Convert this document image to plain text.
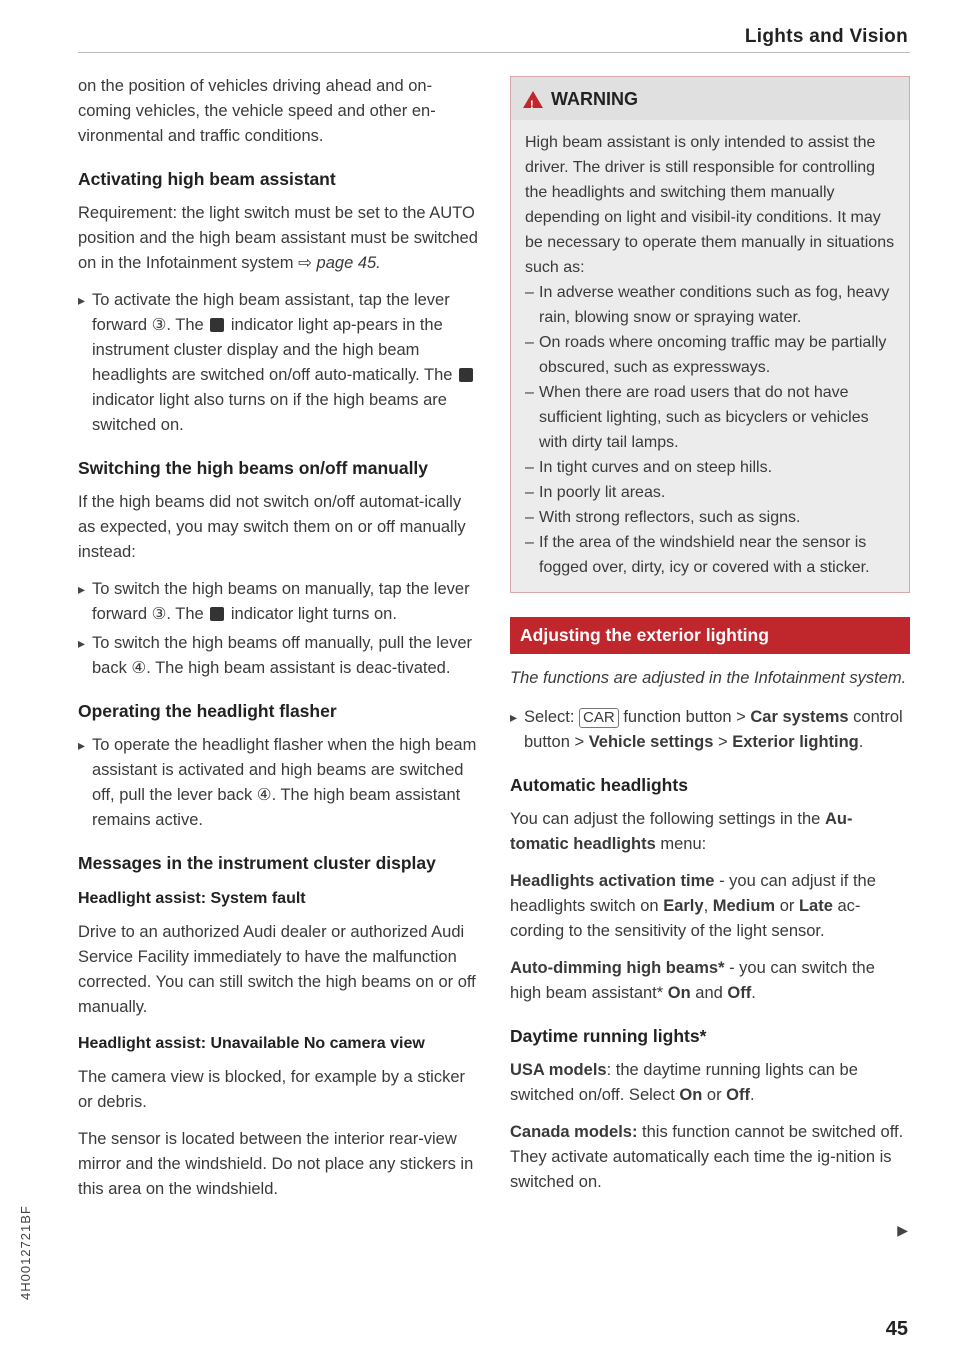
Lights and Vision

on the position of vehicles driving ahead and on-coming vehicles, the vehicle speed and other en-vironmental and traffic conditions.

Activating high beam assistant

Requirement: the light switch must be set to the AUTO position and the high beam assistant must be switched on in the Infotainment system ⇨ page 45.

▸ To activate the high beam assistant, tap the lever forward ③. The indicator light ap-pears in the instrument cluster display and the high beam headlights are switched on/off auto-matically. The  indicator light also turns on if the high beams are switched on.
Switching the high beams on/off manually

If the high beams did not switch on/off automat-ically as expected, you may switch them on or off manually instead:

▸ To switch the high beams on manually, tap the lever forward ③. The indicator light turns on.
▸ To switch the high beams off manually, pull the lever back ④. The high beam assistant is deac-tivated.
Operating the headlight flasher
▸ To operate the headlight flasher when the high beam assistant is activated and high beams are switched off, pull the lever back ④. The high beam assistant remains active.
Messages in the instrument cluster display
Headlight assist: System fault

Drive to an authorized Audi dealer or authorized Audi Service Facility immediately to have the malfunction corrected. You can still switch the high beams on or off manually.

Headlight assist: Unavailable No camera view

The camera view is blocked, for example by a sticker or debris.

The sensor is located between the interior rear-view mirror and the windshield. Do not place any stickers in this area on the windshield.

!
WARNING
High beam assistant is only intended to assist the driver. The driver is still responsible for controlling the headlights and switching them manually depending on light and visibil-ity conditions. It may be necessary to operate them manually in situations such as:
– In adverse weather conditions such as fog, heavy rain, blowing snow or spraying water.
– On roads where oncoming traffic may be partially obscured, such as expressways.
– When there are road users that do not have sufficient lighting, such as bicyclers or vehicles with dirty tail lamps.
– In tight curves and on steep hills.
– In poorly lit areas.
– With strong reflectors, such as signs.
– If the area of the windshield near the sensor is fogged over, dirty, icy or covered with a sticker.
Adjusting the exterior lighting

The functions are adjusted in the Infotainment system.

▸ Select: CAR function button > Car systems control button > Vehicle settings > Exterior lighting.
Automatic headlights

You can adjust the following settings in the Au-tomatic headlights menu:

Headlights activation time - you can adjust if the headlights switch on Early, Medium or Late ac-cording to the sensitivity of the light sensor.

Auto-dimming high beams* - you can switch the high beam assistant* On and Off.

Daytime running lights*

USA models: the daytime running lights can be switched on/off. Select On or Off.

Canada models: this function cannot be switched off. They activate automatically each time the ig-nition is switched on.

▶
45
4H0012721BF
